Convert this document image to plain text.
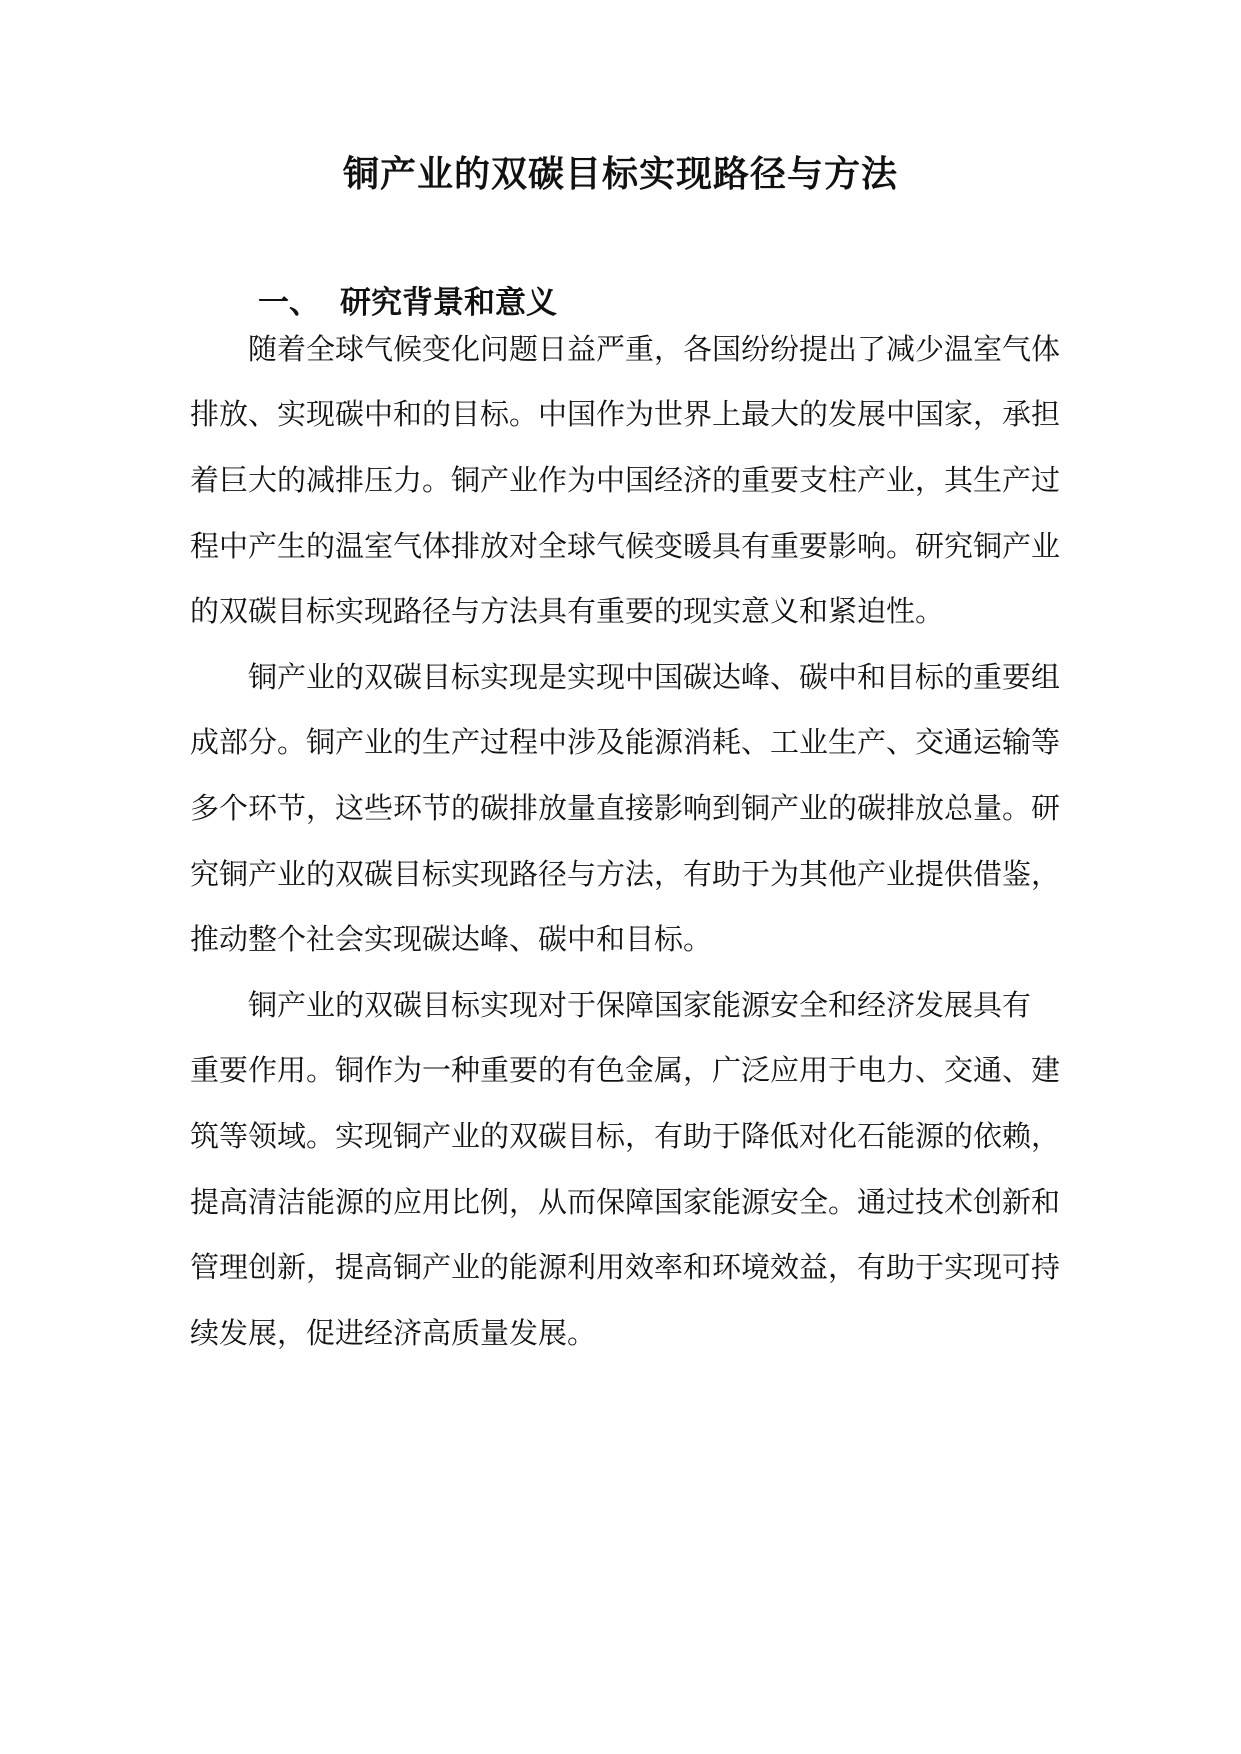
铜产业的双碳目标实现路径与方法
一、 研究背景和意义
随着全球气候变化问题日益严重，各国纷纷提出了减少温室气体
排放、实现碳中和的目标。中国作为世界上最大的发展中国家，承担
着巨大的减排压力。铜产业作为中国经济的重要支柱产业，其生产过
程中产生的温室气体排放对全球气候变暖具有重要影响。研究铜产业
的双碳目标实现路径与方法具有重要的现实意义和紧迫性。
铜产业的双碳目标实现是实现中国碳达峰、碳中和目标的重要组
成部分。铜产业的生产过程中涉及能源消耗、工业生产、交通运输等
多个环节，这些环节的碳排放量直接影响到铜产业的碳排放总量。研
究铜产业的双碳目标实现路径与方法，有助于为其他产业提供借鉴，
推动整个社会实现碳达峰、碳中和目标。
铜产业的双碳目标实现对于保障国家能源安全和经济发展具有
重要作用。铜作为一种重要的有色金属，广泛应用于电力、交通、建
筑等领域。实现铜产业的双碳目标，有助于降低对化石能源的依赖，
提高清洁能源的应用比例，从而保障国家能源安全。通过技术创新和
管理创新，提高铜产业的能源利用效率和环境效益，有助于实现可持
续发展，促进经济高质量发展。
